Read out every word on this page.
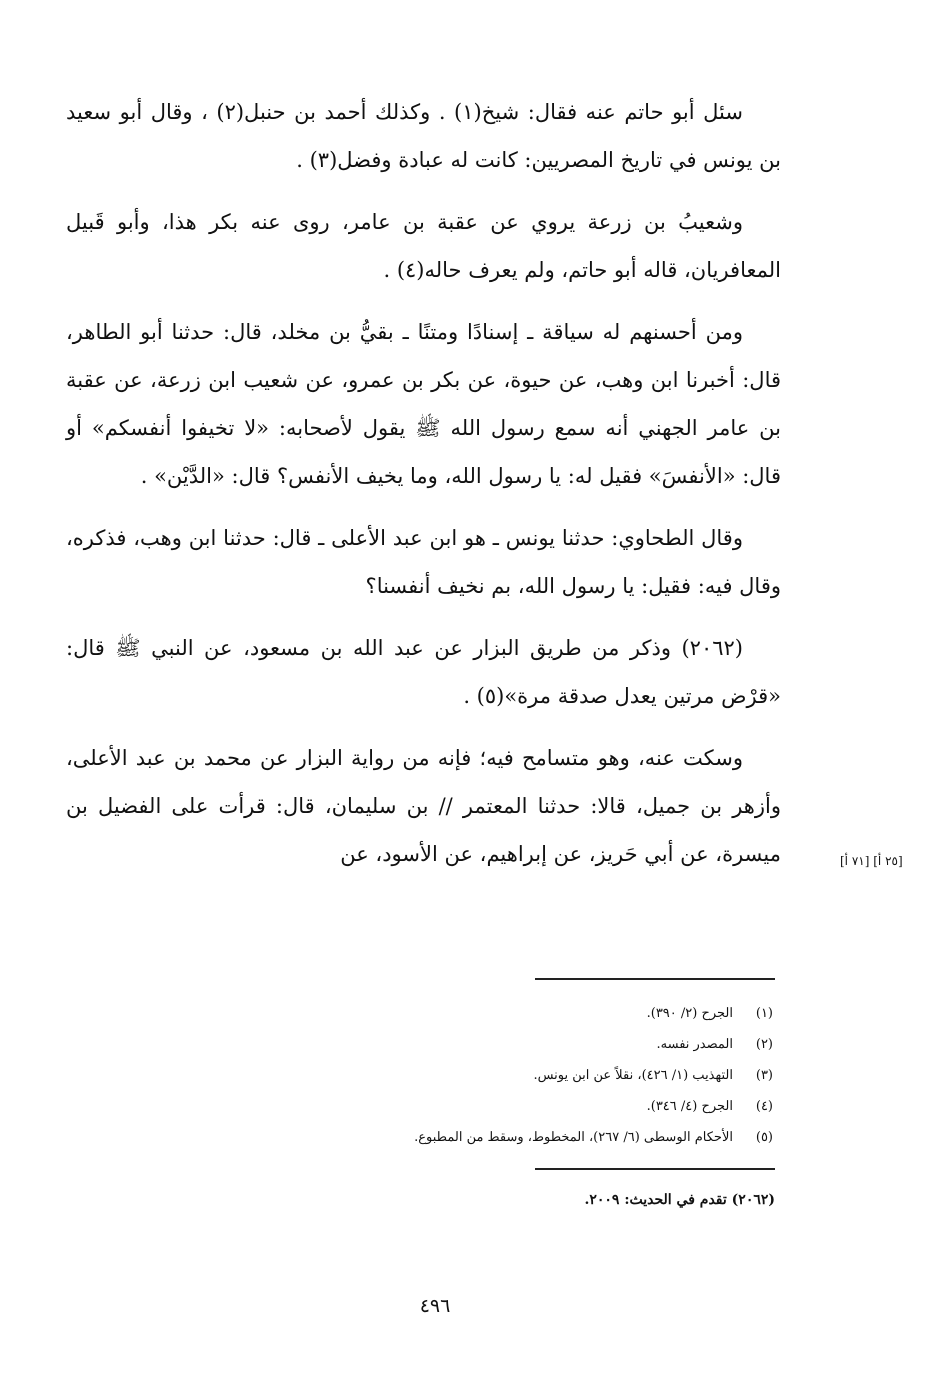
سئل أبو حاتم عنه فقال: شيخ(١) . وكذلك أحمد بن حنبل(٢) ، وقال أبو سعيد بن يونس في تاريخ المصريين: كانت له عبادة وفضل(٣) .

وشعيبُ بن زرعة يروي عن عقبة بن عامر، روى عنه بكر هذا، وأبو قَبيل المعافريان، قاله أبو حاتم، ولم يعرف حاله(٤) .

ومن أحسنهم له سياقة ـ إسنادًا ومتنًا ـ بقيُّ بن مخلد، قال: حدثنا أبو الطاهر، قال: أخبرنا ابن وهب، عن حيوة، عن بكر بن عمرو، عن شعيب ابن زرعة، عن عقبة بن عامر الجهني أنه سمع رسول الله ﷺ يقول لأصحابه: «لا تخيفوا أنفسكم» أو قال: «الأنفسَ» فقيل له: يا رسول الله، وما يخيف الأنفس؟ قال: «الدَّيْن» .

وقال الطحاوي: حدثنا يونس ـ هو ابن عبد الأعلى ـ قال: حدثنا ابن وهب، فذكره، وقال فيه: فقيل: يا رسول الله، بم نخيف أنفسنا؟

(٢٠٦٢) وذكر من طريق البزار عن عبد الله بن مسعود، عن النبي ﷺ قال: «قرْض مرتين يعدل صدقة مرة»(٥) .

وسكت عنه، وهو متسامح فيه؛ فإنه من رواية البزار عن محمد بن عبد الأعلى، وأزهر بن جميل، قالا: حدثنا المعتمر // بن سليمان، قال: قرأت على الفضيل بن ميسرة، عن أبي حَريز، عن إبراهيم، عن الأسود، عن	[٢٥ أ] [٧١ أ]
(١)
الجرح (٢/ ٣٩٠).
(٢)
المصدر نفسه.
(٣)
التهذيب (١/ ٤٢٦)، نقلاً عن ابن يونس.
(٤)
الجرح (٤/ ٣٤٦).
(٥)
الأحكام الوسطى (٦/ ٢٦٧)، المخطوط، وسقط من المطبوع.
(٢٠٦٢) تقدم في الحديث: ٢٠٠٩.
٤٩٦
